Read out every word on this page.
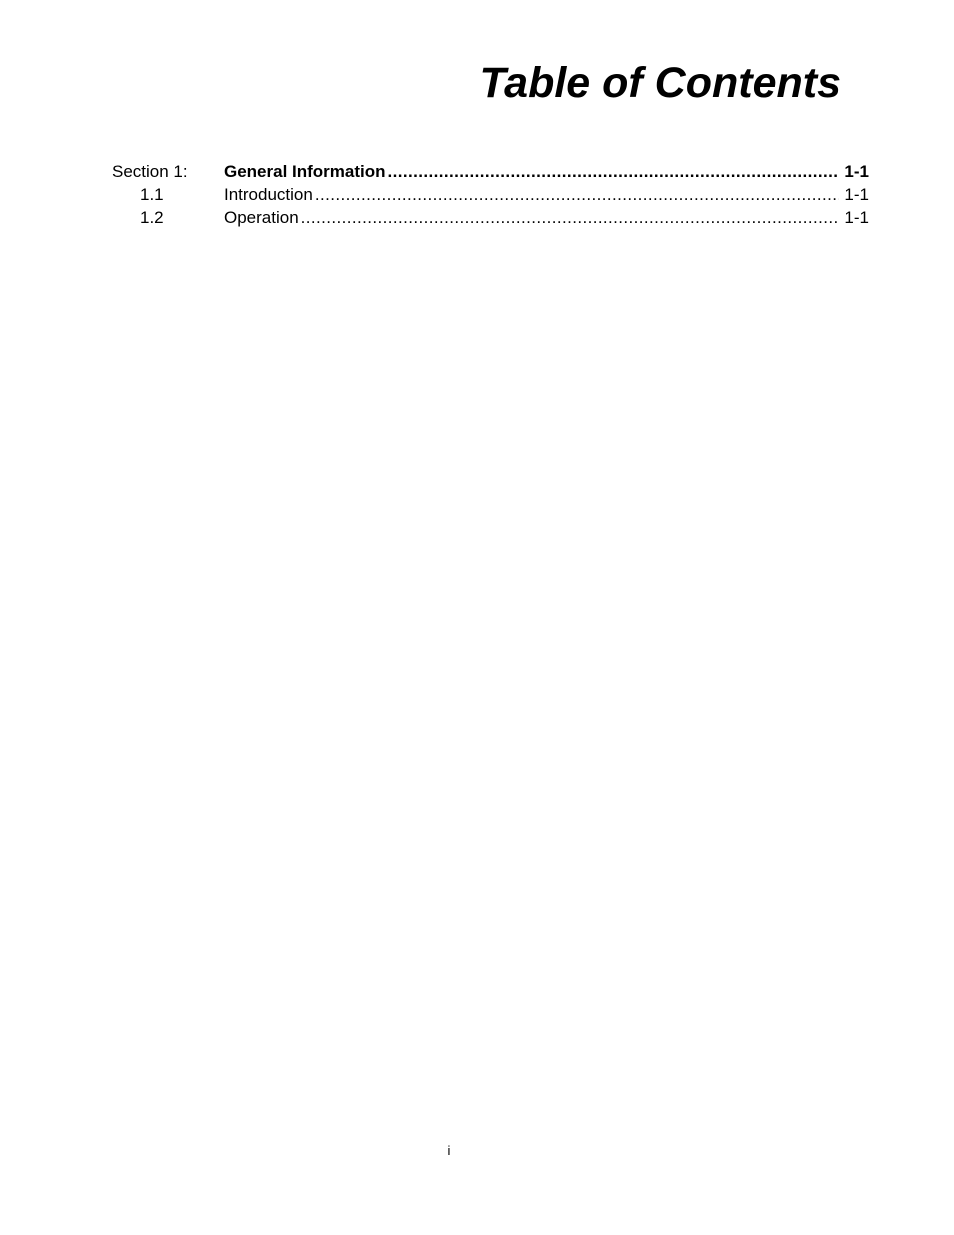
Table of Contents
Section 1: General Information .....	1-1
1.1	Introduction .....	1-1
1.2	Operation .....	1-1
i
